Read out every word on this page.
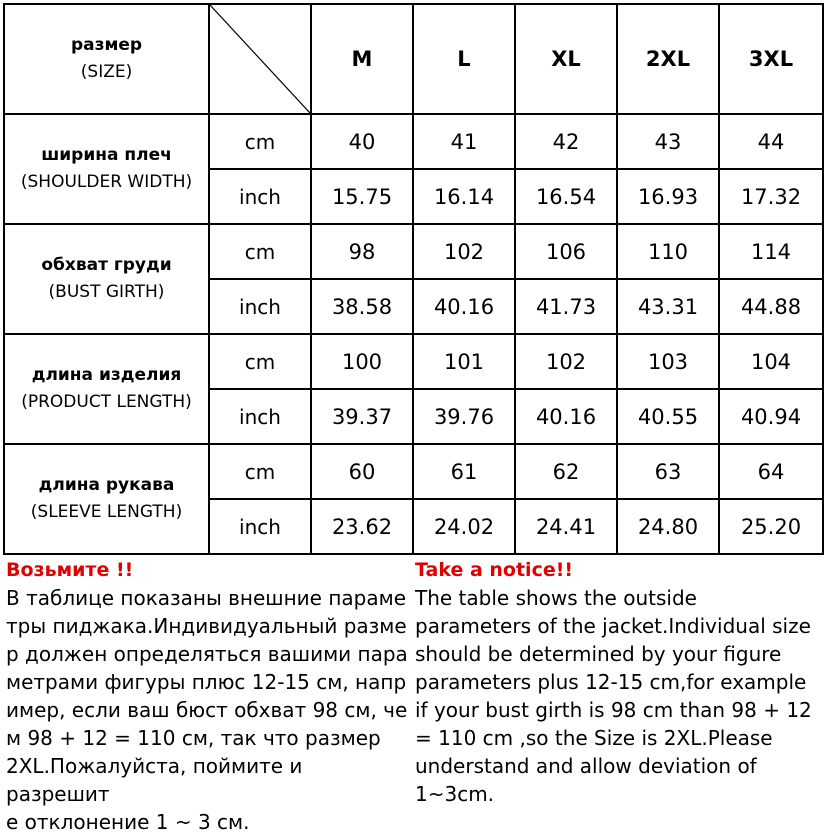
размер
(SIZE)		M	L	XL	2XL	3XL
ширина плеч
(SHOULDER WIDTH)	cm	40	41	42	43	44
	inch	15.75	16.14	16.54	16.93	17.32
обхват груди
(BUST GIRTH)	cm	98	102	106	110	114
	inch	38.58	40.16	41.73	43.31	44.88
длина изделия
(PRODUCT LENGTH)	cm	100	101	102	103	104
	inch	39.37	39.76	40.16	40.55	40.94
длина рукава
(SLEEVE LENGTH)	cm	60	61	62	63	64
	inch	23.62	24.02	24.41	24.80	25.20
Возьмите !!
В таблице показаны внешние параме
тры пиджака.Индивидуальный разме
р должен определяться вашими пара
метрами фигуры плюс 12-15 см, напр
имер, если ваш бюст обхват 98 см, че
м 98 + 12 = 110 см, так что размер
2XL.Пожалуйста, поймите и разрешит
е отклонение 1 ~ 3 см.
Take a notice!!
The table shows the outside
parameters of the jacket.Individual size
should be determined by your figure
parameters plus 12-15 cm,for example
if your bust girth is 98 cm than 98 + 12
= 110 cm ,so the Size is 2XL.Please
understand and allow deviation of
1~3cm.
